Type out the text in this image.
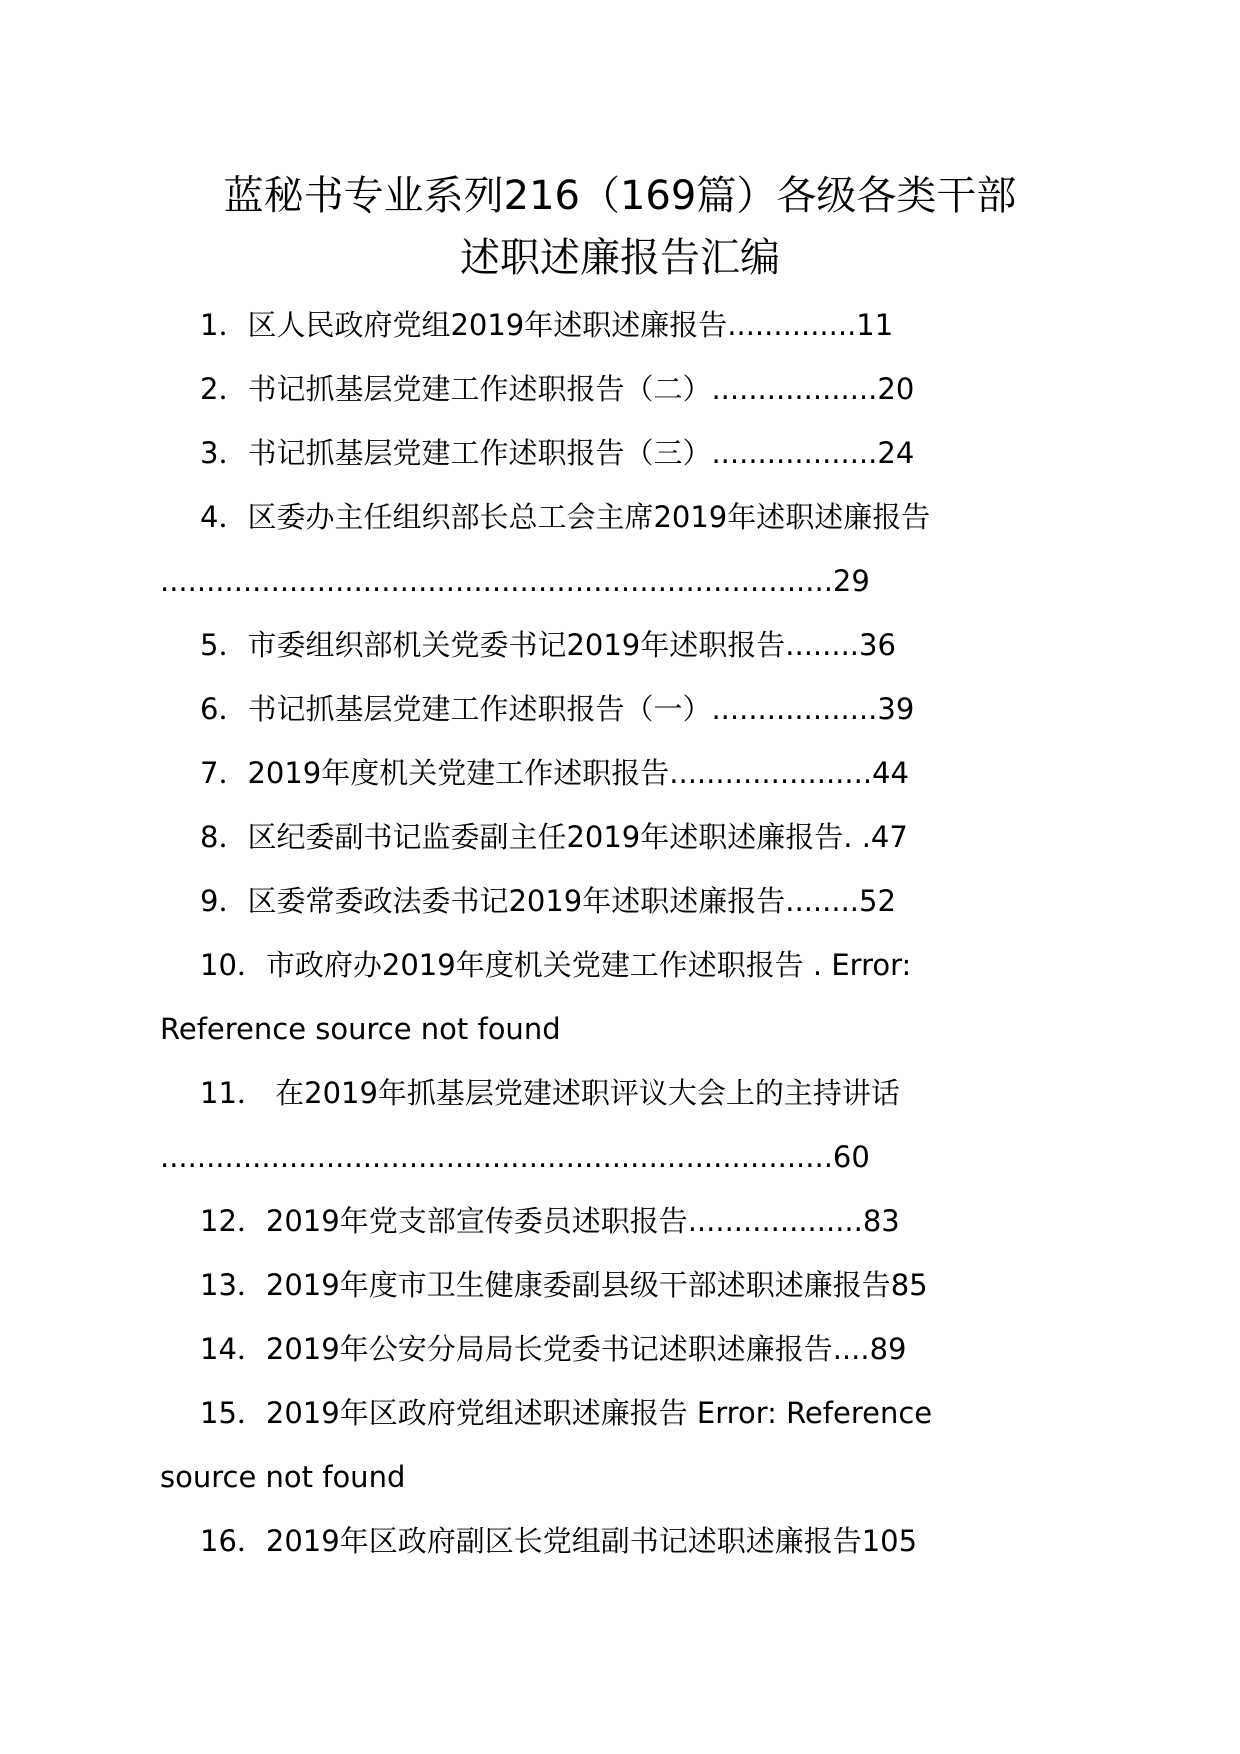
蓝秘书专业系列216（169篇）各级各类干部
述职述廉报告汇编
1．区人民政府党组2019年述职述廉报告..............11
2．书记抓基层党建工作述职报告（二）..................20
3．书记抓基层党建工作述职报告（三）..................24
4．区委办主任组织部长总工会主席2019年述职述廉报告
.........................................................................29
5．市委组织部机关党委书记2019年述职报告........36
6．书记抓基层党建工作述职报告（一）..................39
7．2019年度机关党建工作述职报告......................44
8．区纪委副书记监委副主任2019年述职述廉报告. .47
9．区委常委政法委书记2019年述职述廉报告........52
10．市政府办2019年度机关党建工作述职报告 . Error:
Reference source not found
11． 在2019年抓基层党建述职评议大会上的主持讲话
.........................................................................60
12．2019年党支部宣传委员述职报告...................83
13．2019年度市卫生健康委副县级干部述职述廉报告85
14．2019年公安分局局长党委书记述职述廉报告....89
15．2019年区政府党组述职述廉报告 Error: Reference
source not found
16．2019年区政府副区长党组副书记述职述廉报告105
